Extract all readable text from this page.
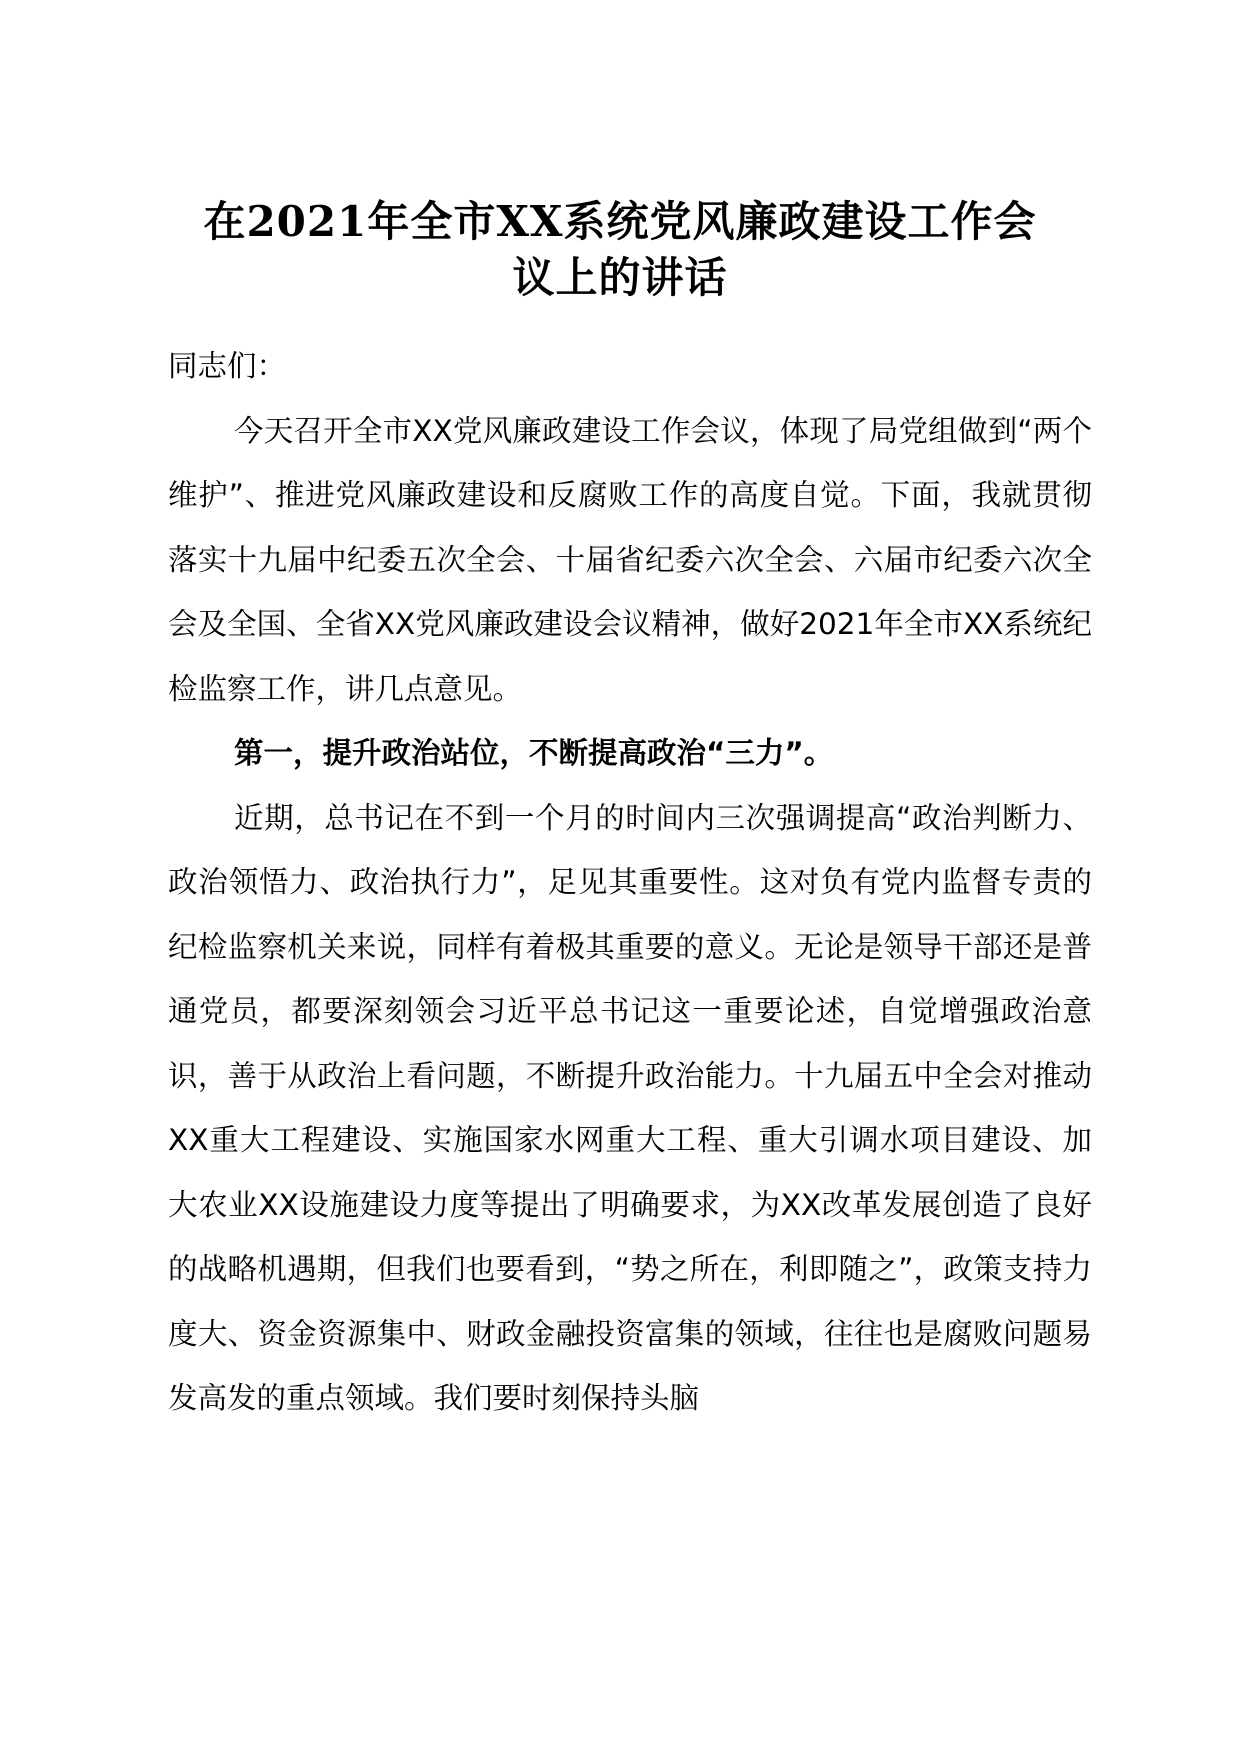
在2021年全市XX系统党风廉政建设工作会
议上的讲话

同志们：

今天召开全市XX党风廉政建设工作会议，体现了局党组做到“两个维护”、推进党风廉政建设和反腐败工作的高度自觉。下面，我就贯彻落实十九届中纪委五次全会、十届省纪委六次全会、六届市纪委六次全会及全国、全省XX党风廉政建设会议精神，做好2021年全市XX系统纪检监察工作，讲几点意见。

第一，提升政治站位，不断提高政治“三力”。

近期，总书记在不到一个月的时间内三次强调提高“政治判断力、政治领悟力、政治执行力”，足见其重要性。这对负有党内监督专责的纪检监察机关来说，同样有着极其重要的意义。无论是领导干部还是普通党员，都要深刻领会习近平总书记这一重要论述，自觉增强政治意识，善于从政治上看问题，不断提升政治能力。十九届五中全会对推动XX重大工程建设、实施国家水网重大工程、重大引调水项目建设、加大农业XX设施建设力度等提出了明确要求，为XX改革发展创造了良好的战略机遇期，但我们也要看到，“势之所在，利即随之”，政策支持力度大、资金资源集中、财政金融投资富集的领域，往往也是腐败问题易发高发的重点领域。我们要时刻保持头脑
